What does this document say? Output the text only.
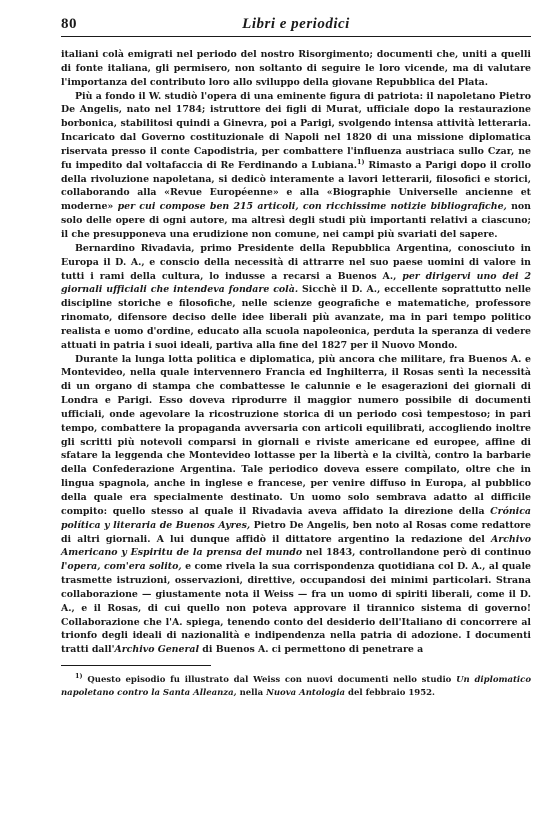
80	Libri e periodici

italiani colà emigrati nel periodo del nostro Risorgimento; documenti che, uniti a quelli di fonte italiana, gli permisero, non soltanto di seguire le loro vicende, ma di valutare l'importanza del contributo loro allo sviluppo della giovane Repubblica del Plata.

Più a fondo il W. studiò l'opera di una eminente figura di patriota: il napoletano Pietro De Angelis, nato nel 1784; istruttore dei figli di Murat, ufficiale dopo la restaurazione borbonica, stabilitosi quindi a Ginevra, poi a Parigi, svolgendo intensa attività letteraria. Incaricato dal Governo costituzionale di Napoli nel 1820 di una missione diplomatica riservata presso il conte Capodistria, per combattere l'influenza austriaca sullo Czar, ne fu impedito dal voltafaccia di Re Ferdinando a Lubiana.$^{1)}$ Rimasto a Parigi dopo il crollo della rivoluzione napoletana, si dedicò interamente a lavori letterarii, filosofici e storici, collaborando alla «Revue Européenne» e alla «Biographie Universelle ancienne et moderne» per cui compose ben 215 articoli, con ricchissime notizie bibliografiche, non solo delle opere di ogni autore, ma altresì degli studi più importanti relativi a ciascuno; il che presupponeva una erudizione non comune, nei campi più svariati del sapere.

Bernardino Rivadavia, primo Presidente della Repubblica Argentina, conosciuto in Europa il D. A., e conscio della necessità di attrarre nel suo paese uomini di valore in tutti i rami della cultura, lo indusse a recarsi a Buenos A., per dirigervi uno dei 2 giornali ufficiali che intendeva fondare colà. Sicchè il D. A., eccellente soprattutto nelle discipline storiche e filosofiche, nelle scienze geografiche e matematiche, professore rinomato, difensore deciso delle idee liberali più avanzate, ma in pari tempo politico realista e uomo d'ordine, educato alla scuola napoleonica, perduta la speranza di vedere attuati in patria i suoi ideali, partiva alla fine del 1827 per il Nuovo Mondo.

Durante la lunga lotta politica e diplomatica, più ancora che militare, fra Buenos A. e Montevideo, nella quale intervennero Francia ed Inghilterra, il Rosas sentì la necessità di un organo di stampa che combattesse le calunnie e le esagerazioni dei giornali di Londra e Parigi. Esso doveva riprodurre il maggior numero possibile di documenti ufficiali, onde agevolare la ricostruzione storica di un periodo così tempestoso; in pari tempo, combattere la propaganda avversaria con articoli equilibrati, accogliendo inoltre gli scritti più notevoli comparsi in giornali e riviste americane ed europee, affine di sfatare la leggenda che Montevideo lottasse per la libertà e la civiltà, contro la barbarie della Confederazione Argentina. Tale periodico doveva essere compilato, oltre che in lingua spagnola, anche in inglese e francese, per venire diffuso in Europa, al pubblico della quale era specialmente destinato. Un uomo solo sembrava adatto al difficile compito: quello stesso al quale il Rivadavia aveva affidato la direzione della Crónica política y literaria de Buenos Ayres, Pietro De Angelis, ben noto al Rosas come redattore di altri giornali. A lui dunque affidò il dittatore argentino la redazione del Archivo Americano y Espiritu de la prensa del mundo nel 1843, controllandone però di continuo l'opera, com'era solito, e come rivela la sua corrispondenza quotidiana col D. A., al quale trasmette istruzioni, osservazioni, direttive, occupandosi dei minimi particolari. Strana collaborazione — giustamente nota il Weiss — fra un uomo di spiriti liberali, come il D. A., e il Rosas, di cui quello non poteva approvare il tirannico sistema di governo! Collaborazione che l'A. spiega, tenendo conto del desiderio dell'Italiano di concorrere al trionfo degli ideali di nazionalità e indipendenza nella patria di adozione. I documenti tratti dall'Archivo General di Buenos A. ci permettono di penetrare a

$^{1)}$ Questo episodio fu illustrato dal Weiss con nuovi documenti nello studio Un diplomatico napoletano contro la Santa Alleanza, nella Nuova Antologia del febbraio 1952.
